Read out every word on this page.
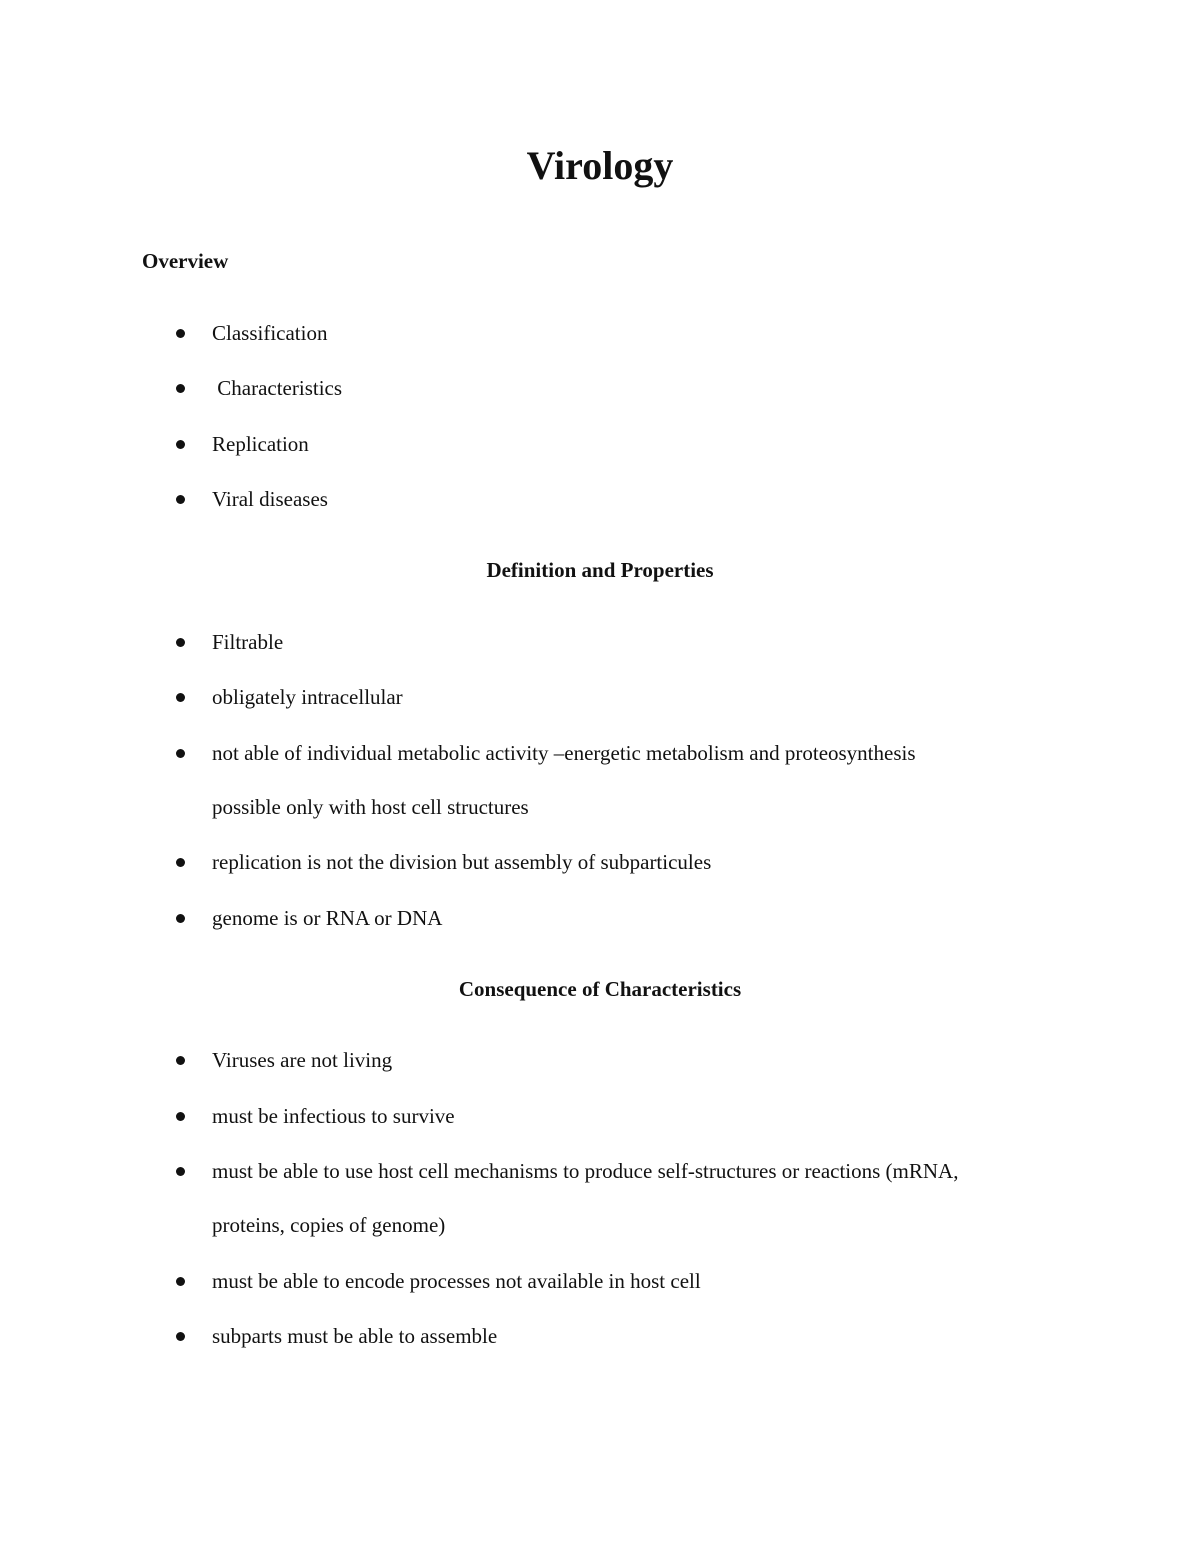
Virology
Overview
Classification
Characteristics
Replication
Viral diseases
Definition and Properties
Filtrable
obligately intracellular
not able of individual metabolic activity –energetic metabolism and proteosynthesis
possible only with host cell structures
replication is not the division but assembly of subparticules
genome is or RNA or DNA
Consequence of Characteristics
Viruses are not living
must be infectious to survive
must be able to use host cell mechanisms to produce self-structures or reactions (mRNA,
proteins, copies of genome)
must be able to encode processes not available in host cell
subparts must be able to assemble
